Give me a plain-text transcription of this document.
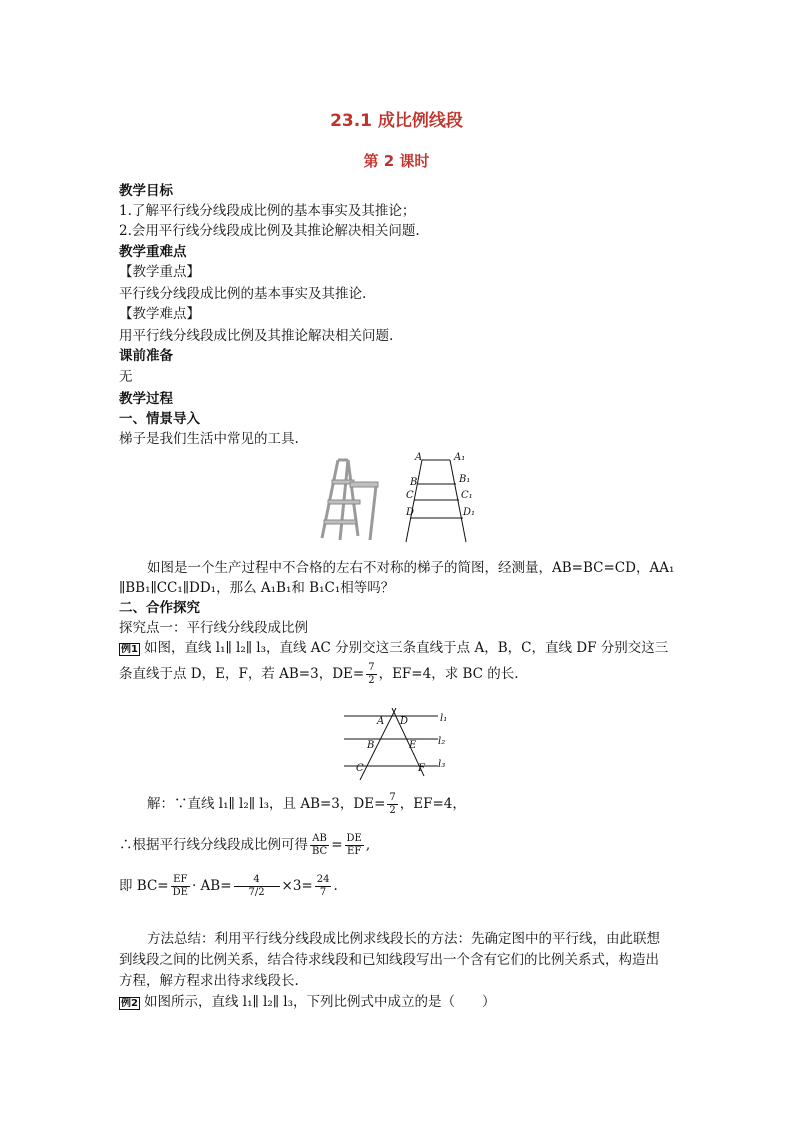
23.1 成比例线段
第 2 课时
教学目标
1.了解平行线分线段成比例的基本事实及其推论；
2.会用平行线分线段成比例及其推论解决相关问题.
教学重难点
【教学重点】
平行线分线段成比例的基本事实及其推论.
【教学难点】
用平行线分线段成比例及其推论解决相关问题.
课前准备
无
教学过程
一、情景导入
梯子是我们生活中常见的工具.
A	A₁
B	B₁
C	C₁
D	D₁
如图是一个生产过程中不合格的左右不对称的梯子的简图，经测量，AB=BC=CD，AA₁
∥BB₁∥CC₁∥DD₁，那么 A₁B₁和 B₁C₁相等吗？
二、合作探究
探究点一：平行线分线段成比例
例1 如图，直线 l₁∥ l₂∥ l₃，直线 AC 分别交这三条直线于点 A，B，C，直线 DF 分别交这三
条直线于点 D，E，F，若 AB=3，$DE= \frac{7}{2}$ ，EF=4，求 BC 的长.
A D	l₁
B	E l₂
C	F l₃
解：∵直线 l₁∥ l₂∥ l₃，且 AB=3，$DE= \frac{7}{2}$ ，EF=4，
∴根据平行线分线段成比例可得 $\frac{AB}{BC} = \frac{DE}{EF}$ ,
即 $BC= \frac{EF}{DE} \cdot AB= \frac{4}{7/2} \times 3= \frac{24}{7}$ .
方法总结：利用平行线分线段成比例求线段长的方法：先确定图中的平行线，由此联想
到线段之间的比例关系，结合待求线段和已知线段写出一个含有它们的比例关系式，构造出
方程，解方程求出待求线段长.
例2 如图所示，直线 l₁∥ l₂∥ l₃，下列比例式中成立的是（　　）
